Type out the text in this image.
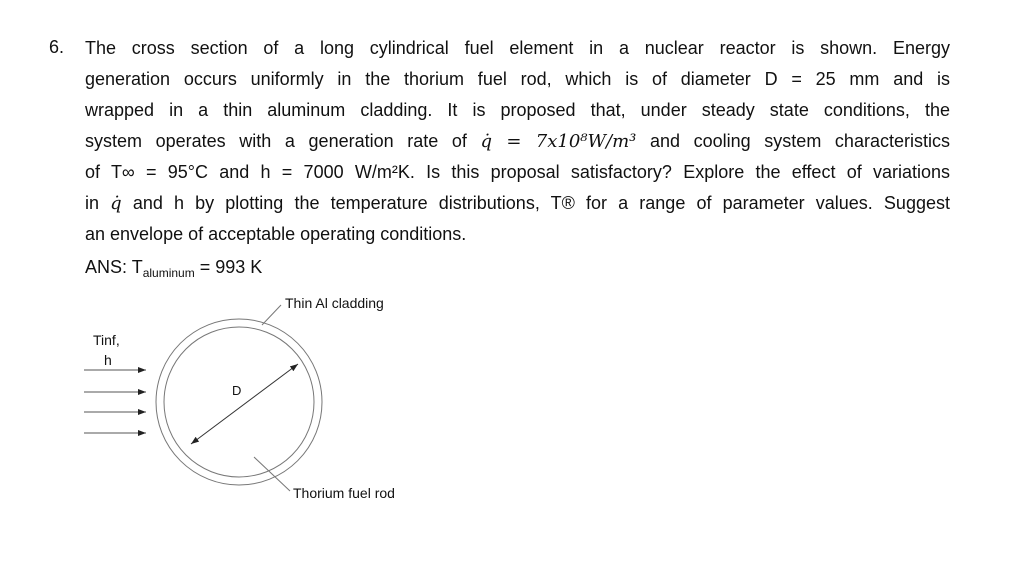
6. The cross section of a long cylindrical fuel element in a nuclear reactor is shown. Energy
generation occurs uniformly in the thorium fuel rod, which is of diameter D = 25 mm and is
wrapped in a thin aluminum cladding. It is proposed that, under steady state conditions, the
system operates with a generation rate of q̇ = 7x10⁸W/m³ and cooling system characteristics
of T∞ = 95°C and h = 7000 W/m²K. Is this proposal satisfactory? Explore the effect of variations
in q̇ and h by plotting the temperature distributions, T® for a range of parameter values. Suggest
an envelope of acceptable operating conditions.
ANS: $T_{aluminum} = 993$ K
Thin Al cladding
Tinf,
h
D
Thorium fuel rod
